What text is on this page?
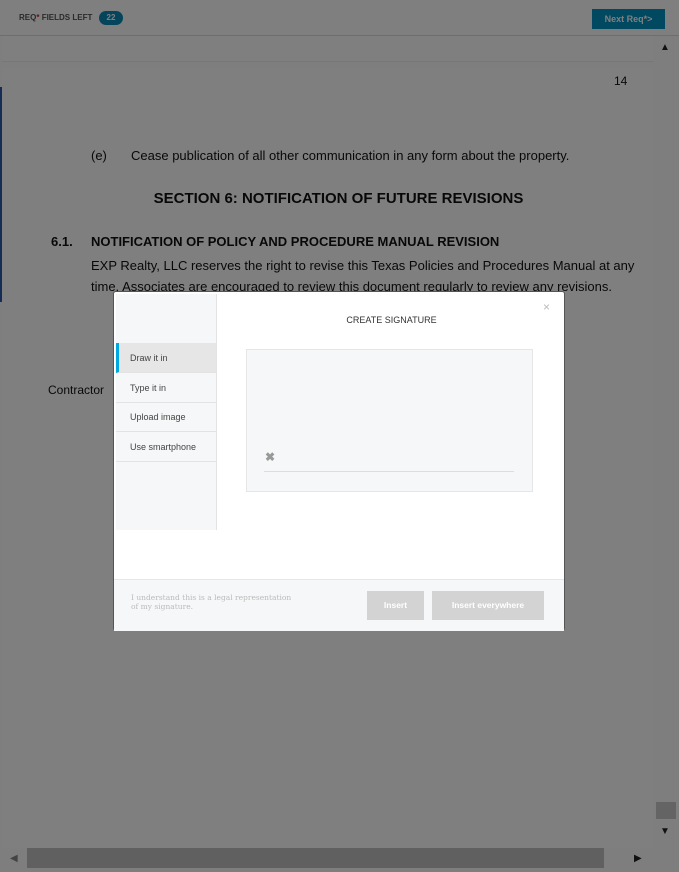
Draw it in
Type it in
Upload image
Use smartphone
CREATE SIGNATURE
×
✖
I understand this is a legal representation
of my signature.	Insert	Insert everywhere
